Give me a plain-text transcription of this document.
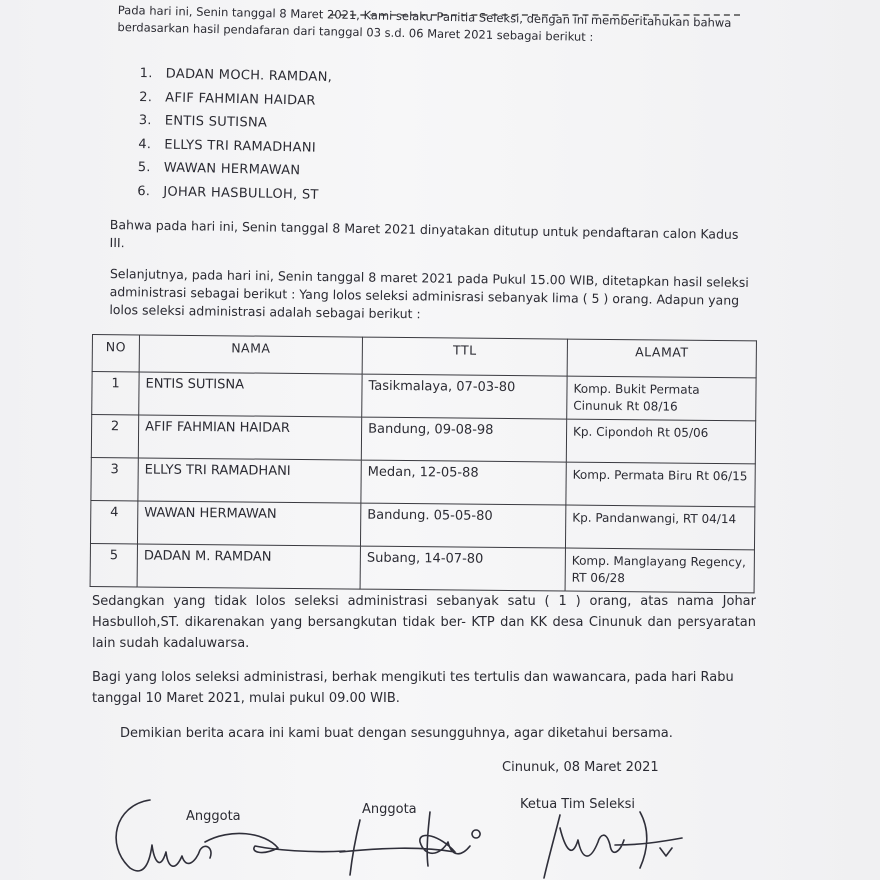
Pada hari ini, Senin tanggal 8 Maret 2021, Kami selaku Panitia Seleksi, dengan ini memberitahukan bahwa berdasarkan hasil pendafaran dari tanggal 03 s.d. 06 Maret 2021 sebagai berikut :

1. DADAN MOCH. RAMDAN,
2. AFIF FAHMIAN HAIDAR
3. ENTIS SUTISNA
4. ELLYS TRI RAMADHANI
5. WAWAN HERMAWAN
6. JOHAR HASBULLOH, ST

Bahwa pada hari ini, Senin tanggal 8 Maret 2021 dinyatakan ditutup untuk pendaftaran calon Kadus III.

Selanjutnya, pada hari ini, Senin tanggal 8 maret 2021 pada Pukul 15.00 WIB, ditetapkan hasil seleksi administrasi sebagai berikut : Yang lolos seleksi adminisrasi sebanyak lima ( 5 ) orang. Adapun yang lolos seleksi administrasi adalah sebagai berikut :

NO	NAMA	TTL	ALAMAT
1	ENTIS SUTISNA	Tasikmalaya, 07-03-80	Komp. Bukit Permata Cinunuk Rt 08/16
2	AFIF FAHMIAN HAIDAR	Bandung, 09-08-98	Kp. Cipondoh Rt 05/06
3	ELLYS TRI RAMADHANI	Medan, 12-05-88	Komp. Permata Biru Rt 06/15
4	WAWAN HERMAWAN	Bandung. 05-05-80	Kp. Pandanwangi, RT 04/14
5	DADAN M. RAMDAN	Subang, 14-07-80	Komp. Manglayang Regency, RT 06/28

Sedangkan yang tidak lolos seleksi administrasi sebanyak satu ( 1 ) orang, atas nama Johar Hasbulloh,ST. dikarenakan yang bersangkutan tidak ber- KTP dan KK desa Cinunuk dan persyaratan lain sudah kadaluwarsa.

Bagi yang lolos seleksi administrasi, berhak mengikuti tes tertulis dan wawancara, pada hari Rabu tanggal 10 Maret 2021, mulai pukul 09.00 WIB.

Demikian berita acara ini kami buat dengan sesungguhnya, agar diketahui bersama.

Cinunuk, 08 Maret 2021
Anggota	Anggota	Ketua Tim Seleksi
